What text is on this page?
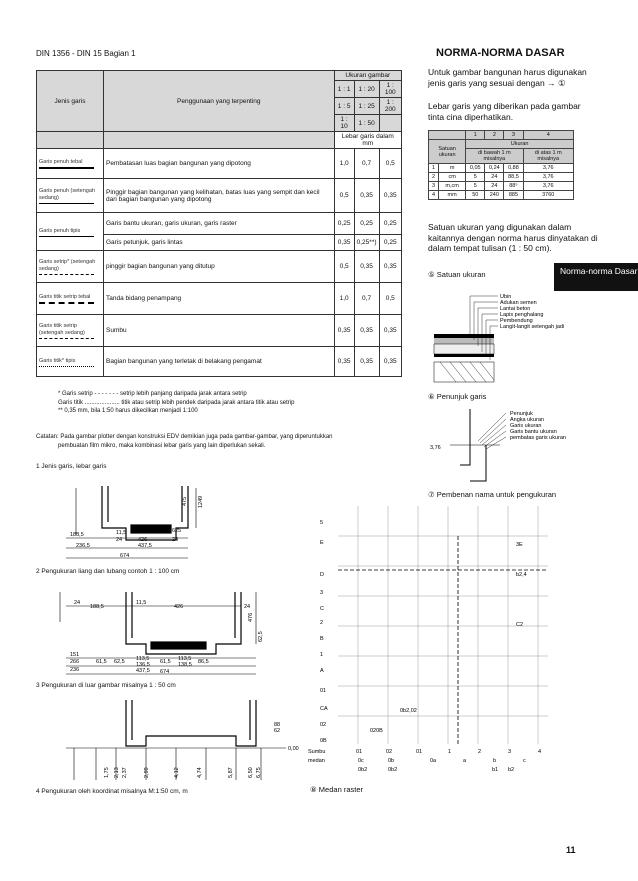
DIN 1356 - DIN 15 Bagian 1	NORMA-NORMA DASAR
Jenis garis	Penggunaan yang terpenting	Ukuran gambar		
		1 : 1	1 : 20	1 : 100
		1 : 5	1 : 25	1 : 200
		1 : 10	1 : 50	
		Lebar garis dalam mm		
Garis penuh tebal	Pembatasan luas bagian bangunan yang dipotong	1,0	0,7	0,5
Garis penuh (setengah sedang)	Pinggir bagian bangunan yang kelihatan, batas luas yang sempit dan kecil dari bagian bangunan yang dipotong	0,5	0,35	0,35
Garis penuh tipis	Garis bantu ukuran, garis ukuran, garis raster	0,25	0,25	0,25
	Garis petunjuk, garis lintas	0,35	0,25**)	0,25
Garis setrip* (setengah sedang)	pinggir bagian bangunan yang ditutup	0,5	0,35	0,35
Garis titik setrip tebal	Tanda bidang penampang	1,0	0,7	0,5
Garis titik setrip (setengah sedang)	Sumbu	0,35	0,35	0,35
Garis titik* tipis	Bagian bangunan yang terletak di belakang pengamat	0,35	0,35	0,35
* Garis setrip - - - - - - - setrip lebih panjang daripada jarak antara setrip
Garis titik ..................... titik atau setrip lebih pendek daripada jarak antara titik atau setrip
** 0,35 mm, bila 1:50 harus dikecilkan menjadi 1:100
Catatan: Pada gambar plotter dengan konstruksi EDV demikian juga pada gambar-gambar, yang diperuntukkan
pembuatan film mikro, maka kombinasi lebar garis yang lain diperlukan sekali.
1 Jenis garis, lebar garis
188,5	11,5
24	426	24
236,5	437,5
674
625
475 1249
2 Pengukuran liang dan lubang contoh 1 : 100 cm
24
188,5
11,5
426	24
151
266
236
61,5 62,5 113,5
136,5
437,5
61,5 113,5
138,5 86,5
674
476
62,5
3 Pengukuran di luar gambar misalnya 1 : 50 cm
0,00
88
62
1,75 2,13 2,37	2,99	4,12	4,74	5,87	6,50 6,75
4 Pengukuran oleh koordinat misalnya M:1:50 cm, m
Untuk gambar bangunan harus digunakan jenis garis yang sesuai dengan → ①
Lebar garis yang diberikan pada gambar tinta cina diperhatikan.
		1	2	3	4
Satuan ukuran		Ukuran			
		di bawah 1 m misalnya			di atas 1 m misalnya
1	m	0,05	0,24	0,88	3,76
2	cm	5	24	88,5	3,76
3	m,cm	5	24	88⁵	3,76
4	mm	50	240	885	3760
Satuan ukuran yang digunakan dalam kaitannya dengan norma harus dinyatakan di dalam tempat tulisan (1 : 50 cm).
Norma-norma Dasar
⑤ Satuan ukuran
Ubin
Adukan semen
Lantai beton
Lapis penghalang
Pembendung
Langit-langit setengah jadi
⑥ Penunjuk garis
Penunjuk
Angka ukuran
Garis ukuran
Garis bantu ukuran
pembatas garis ukuran
3,76
⑦ Pembenan nama untuk pengukuran
3E
b2,4
C2
0b2,02
020B
Sumbu	01	02	01	1	2	3	4
medan	0c	0b	0a	a	b	c
0b2	0b2	b1 b2
5
E
D
3
C
2
B
1
A
01
CA
02
0B
⑧ Medan raster
11
